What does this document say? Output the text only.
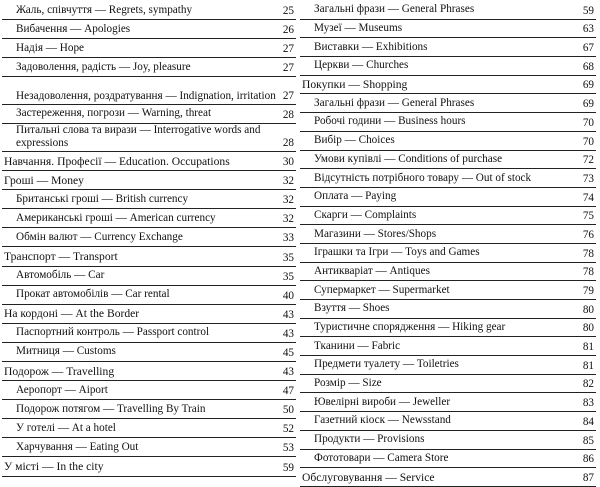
Жаль, співчуття — Regrets, sympathy	25
Вибачення — Apologies	26
Надія — Hope	27
Задоволення, радість — Joy, pleasure	27
Незадоволення, роздратування — Indignation, irritation 27
Застереження, погрози — Warning, threat	28
Питальні слова та вирази — Interrogative words and expressions	28
Навчання. Професії — Education. Occupations	30
Гроші — Money	32
Британські гроші — British currency	32
Американські гроші — American currency	32
Обмін валют — Currency Exchange	33
Транспорт — Transport	35
Автомобіль — Car	35
Прокат автомобілів — Car rental	40
На кордоні — At the Border	43
Паспортний контроль — Passport control	43
Митниця — Customs	45
Подорож — Travelling	43
Аеропорт — Aiport	47
Подорож потягом — Travelling By Train	50
У готелі — At a hotel	52
Харчування — Eating Out	53
У місті — In the city	59
Загальні фрази — General Phrases	59
Музеї — Museums	63
Виставки — Exhibitions	67
Церкви — Churches	68
Покупки — Shopping	69
Загальні фрази — General Phrases	69
Робочі години — Business hours	70
Вибір — Choices	70
Умови купівлі — Conditions of purchase	72
Відсутність потрібного товару — Out of stock	73
Оплата — Paying	74
Скарги — Complaints	75
Магазини — Stores/Shops	76
Іграшки та Ігри — Toys and Games	78
Антикваріат — Antiques	78
Супермаркет — Supermarket	79
Взуття — Shoes	80
Туристичне спорядження — Hiking gear	80
Тканини — Fabric	81
Предмети туалету — Toiletries	81
Розмір — Size	82
Ювелірні вироби — Jeweller	83
Газетний кіоск — Newsstand	84
Продукти — Provisions	85
Фототовари — Camera Store	86
Обслуговування — Service	87
